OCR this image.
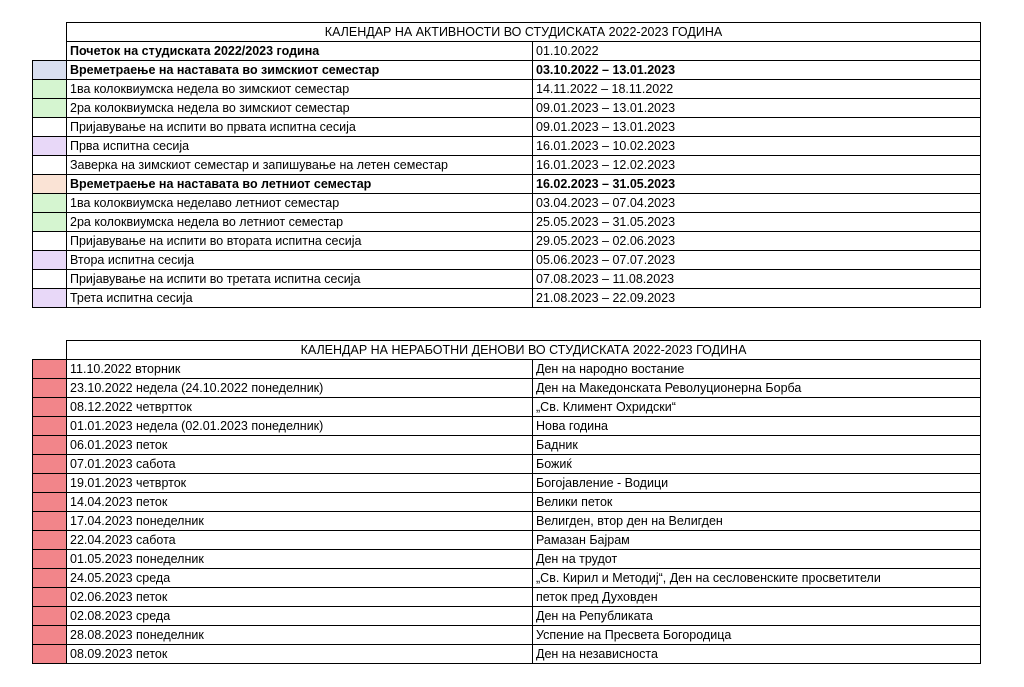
	КАЛЕНДАР НА АКТИВНОСТИ ВО СТУДИСКАТА 2022-2023 ГОДИНА	
	Почеток на студиската 2022/2023 година	01.10.2022
	Времетраење на наставата во зимскиот семестар	03.10.2022 – 13.01.2023
	1ва колоквиумска недела во зимскиот семестар	14.11.2022 – 18.11.2022
	2ра колоквиумска недела во зимскиот семестар	09.01.2023 – 13.01.2023
	Пријавување на испити во првата испитна сесија	09.01.2023 – 13.01.2023
	Прва испитна сесија	16.01.2023 – 10.02.2023
	Заверка на зимскиот семестар и запишување на летен семестар	16.01.2023 – 12.02.2023
	Времетраење на наставата во летниот семестар	16.02.2023 – 31.05.2023
	1ва колоквиумска неделаво летниот семестар	03.04.2023 – 07.04.2023
	2ра колоквиумска недела во летниот семестар	25.05.2023 – 31.05.2023
	Пријавување на испити во втората испитна сесија	29.05.2023 – 02.06.2023
	Втора испитна сесија	05.06.2023 – 07.07.2023
	Пријавување на испити во третата испитна сесија	07.08.2023 – 11.08.2023
	Трета испитна сесија	21.08.2023 – 22.09.2023
	КАЛЕНДАР НА НЕРАБОТНИ ДЕНОВИ ВО СТУДИСКАТА 2022-2023 ГОДИНА	
	11.10.2022 вторник	Ден на народно востание
	23.10.2022 недела (24.10.2022 понеделник)	Ден на Македонската Револуционерна Борба
	08.12.2022 четвртток	„Св. Климент Охридски“
	01.01.2023 недела (02.01.2023 понеделник)	Нова година
	06.01.2023 петок	Бадник
	07.01.2023 сабота	Божиќ
	19.01.2023 четврток	Богојавление - Водици
	14.04.2023 петок	Велики петок
	17.04.2023 понеделник	Велигден, втор ден на Велигден
	22.04.2023 сабота	Рамазан Бајрам
	01.05.2023 понеделник	Ден на трудот
	24.05.2023 среда	„Св. Кирил и Методиј“, Ден на сесловенските просветители
	02.06.2023 петок	петок пред Духовден
	02.08.2023 среда	Ден на Републиката
	28.08.2023 понеделник	Успение на Пресвета Богородица
	08.09.2023 петок	Ден на независноста
